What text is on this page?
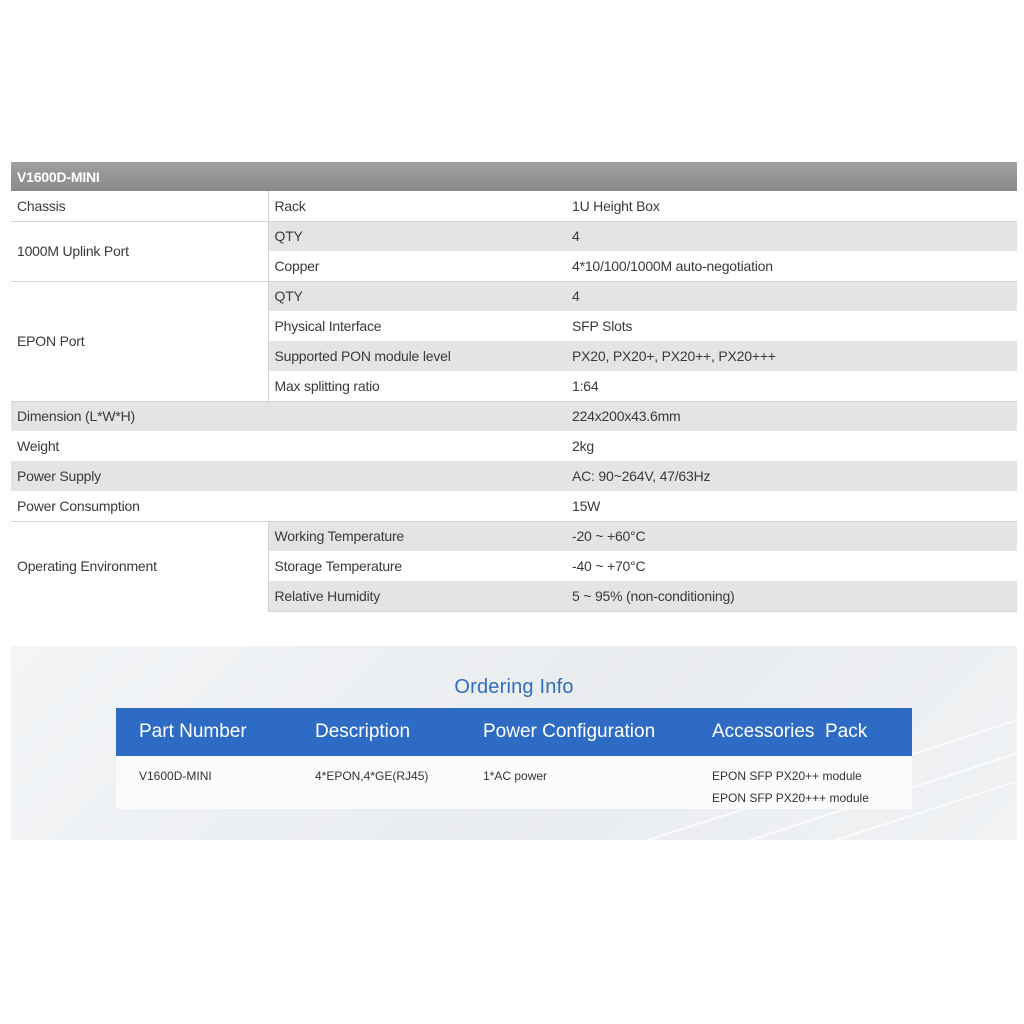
V1600D-MINI		
Chassis	Rack	1U Height Box
1000M Uplink Port	QTY	4
	Copper	4*10/100/1000M auto-negotiation
EPON Port	QTY	4
	Physical Interface	SFP Slots
	Supported PON module level	PX20, PX20+, PX20++, PX20+++
	Max splitting ratio	1:64
Dimension (L*W*H)		224x200x43.6mm
Weight		2kg
Power Supply		AC: 90~264V, 47/63Hz
Power Consumption		15W
Operating Environment	Working Temperature	-20 ~ +60°C
	Storage Temperature	-40 ~ +70°C
	Relative Humidity	5 ~ 95% (non-conditioning)
Ordering Info
Part Number	Description	Power Configuration	Accessories  Pack
V1600D-MINI	4*EPON,4*GE(RJ45)	1*AC power	EPON SFP PX20++ module
EPON SFP PX20+++ module
